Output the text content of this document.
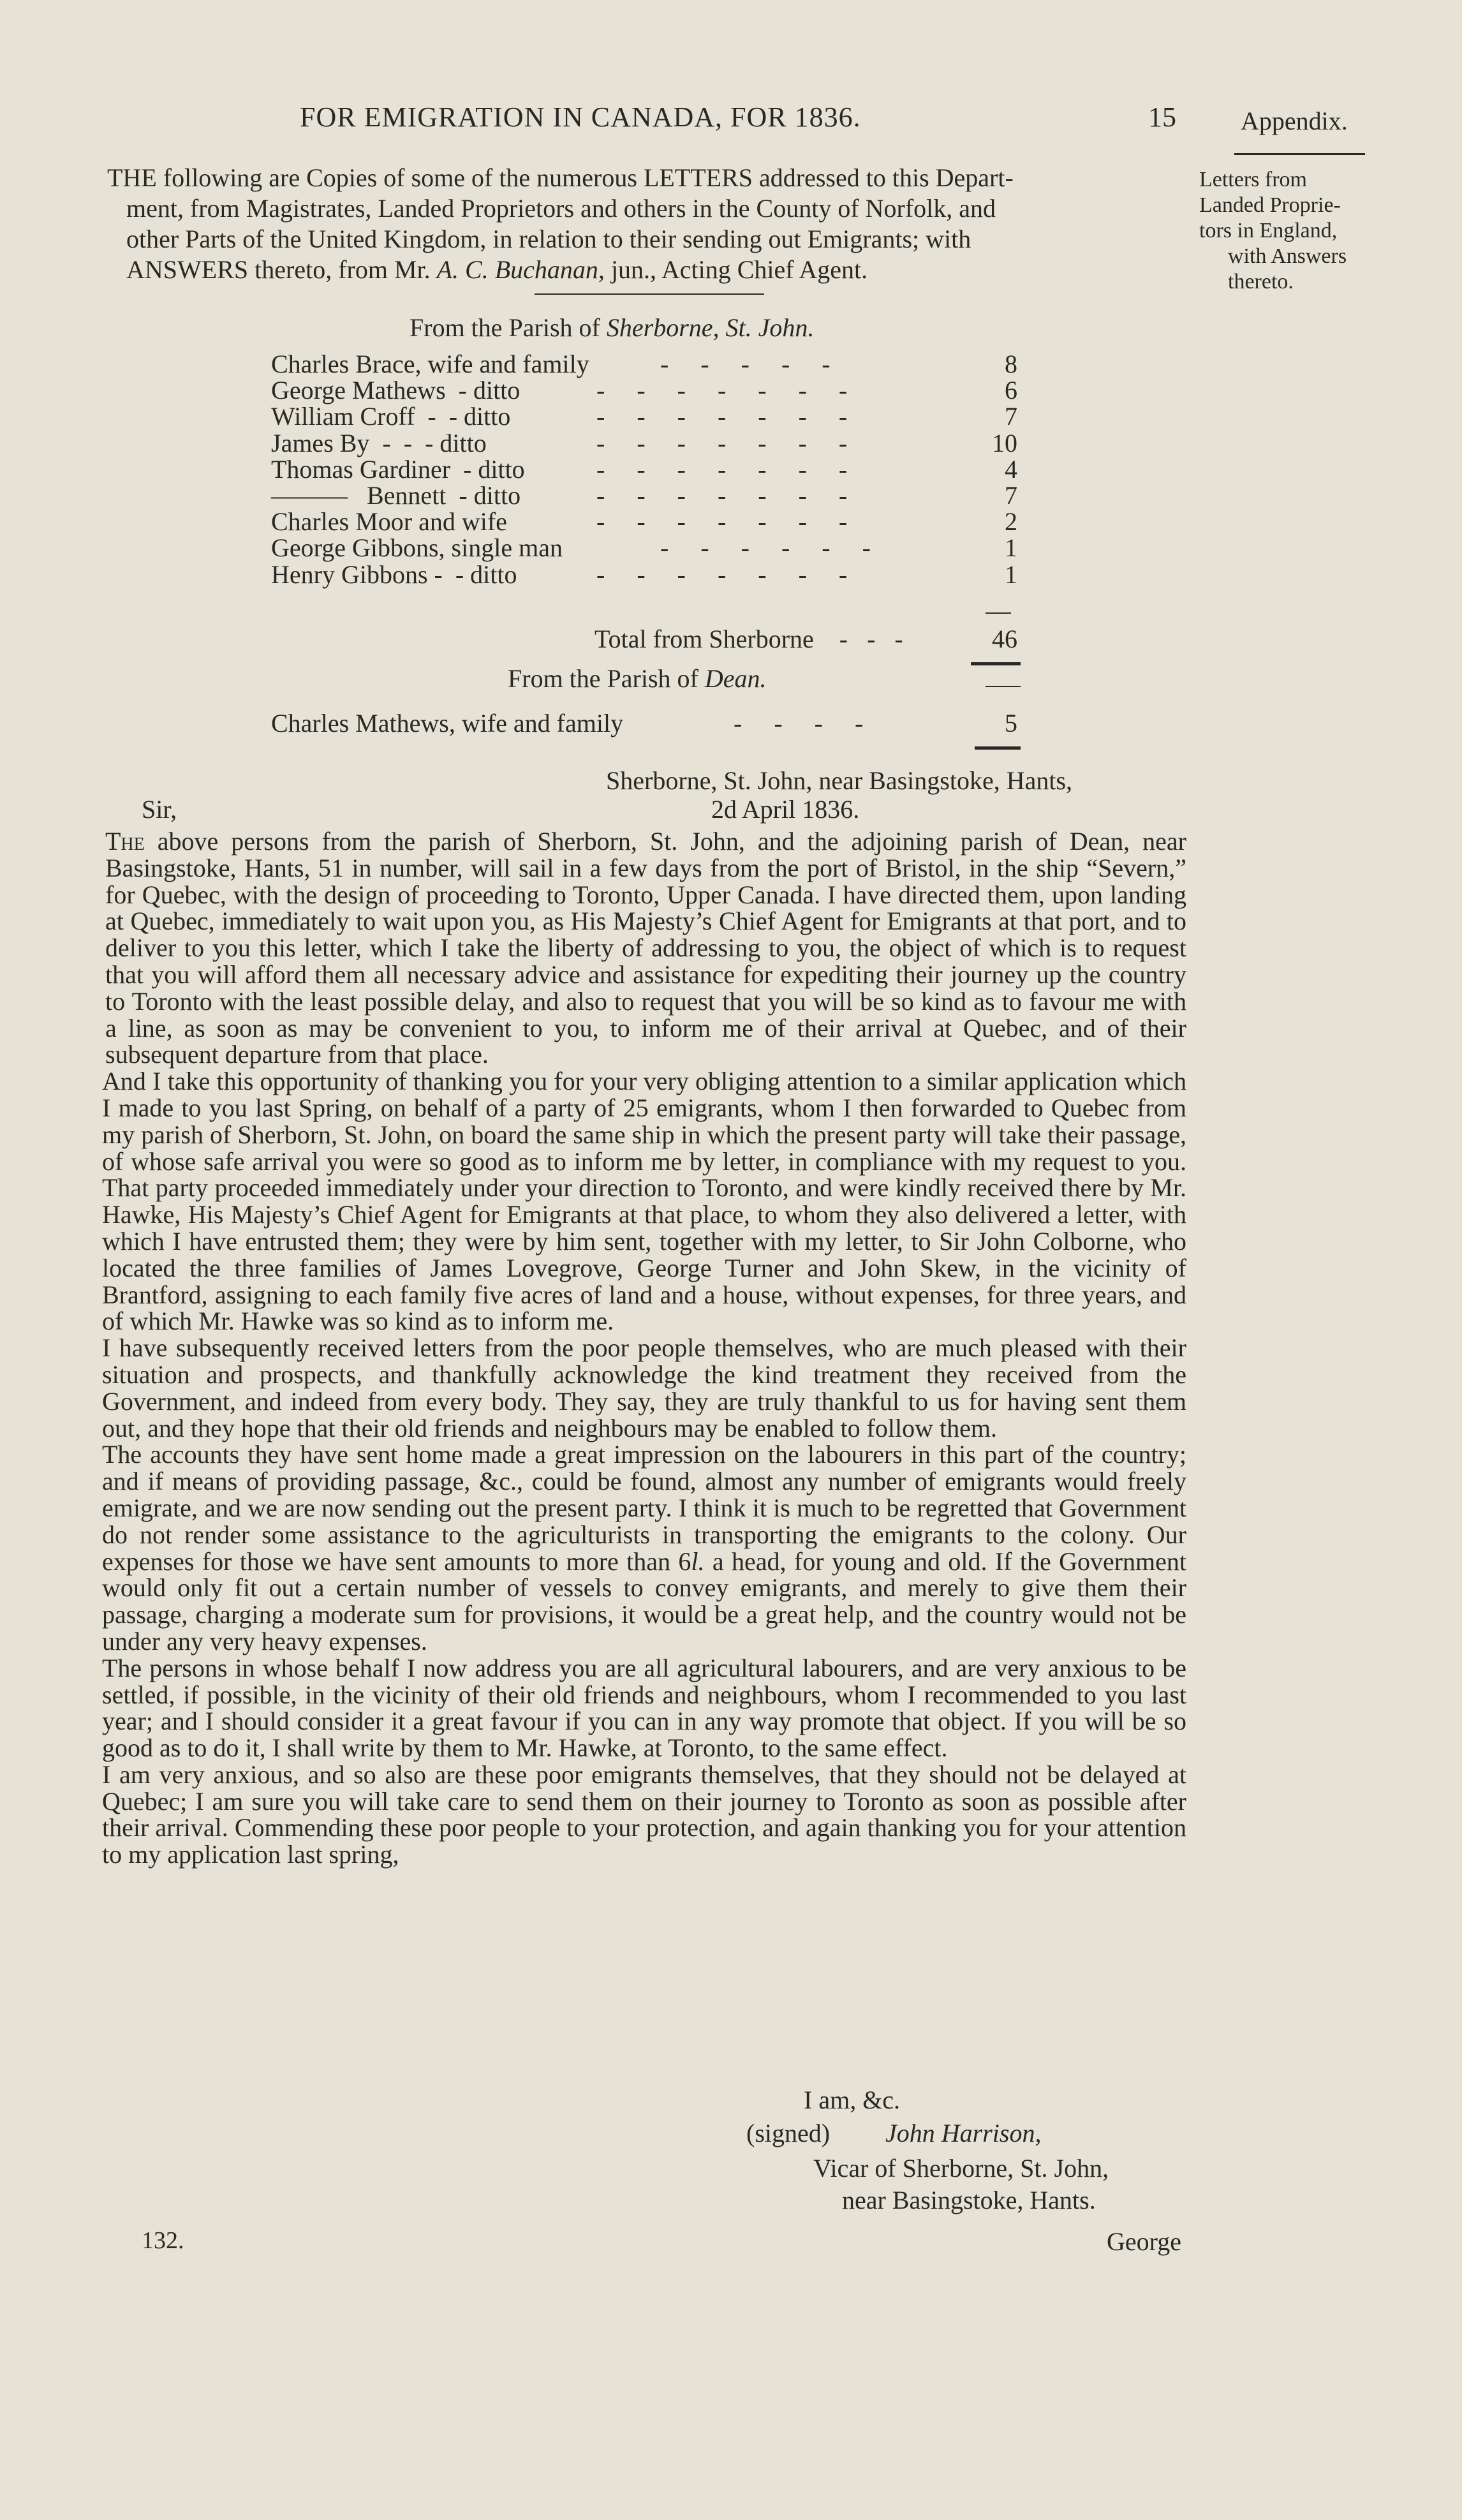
FOR EMIGRATION IN CANADA, FOR 1836.	15	Appendix.

Letters from

Landed Proprie-

tors in England,

with Answers

thereto.

THE following are Copies of some of the numerous LETTERS addressed to this Depart-
ment, from Magistrates, Landed Proprietors and others in the County of Norfolk, and
other Parts of the United Kingdom, in relation to their sending out Emigrants; with
ANSWERS thereto, from Mr. A. C. Buchanan, jun., Acting Chief Agent.
From the Parish of Sherborne, St. John.
Charles Brace, wife and family	-     -     -     -     -	8
George Mathews  - ditto	-     -     -     -     -     -     -	6
William Croff  -  - ditto	-     -     -     -     -     -     -	7
James By  -  -  - ditto	-     -     -     -     -     -     -	10
Thomas Gardiner  - ditto	-     -     -     -     -     -     -	4
———   Bennett  - ditto	-     -     -     -     -     -     -	7
Charles Moor and wife	-     -     -     -     -     -     -	2
George Gibbons, single man	-     -     -     -     -     -	1
Henry Gibbons -  - ditto	-     -     -     -     -     -     -	1
Total from Sherborne -   -   -	46
From the Parish of Dean.
Charles Mathews, wife and family	-     -     -     -	5
Sherborne, St. John, near Basingstoke, Hants,
2d April 1836.
Sir,

The above persons from the parish of Sherborn, St. John, and the adjoining parish of Dean, near Basingstoke, Hants, 51 in number, will sail in a few days from the port of Bristol, in the ship “Severn,” for Quebec, with the design of proceeding to Toronto, Upper Canada. I have directed them, upon landing at Quebec, immediately to wait upon you, as His Majesty’s Chief Agent for Emigrants at that port, and to deliver to you this letter, which I take the liberty of addressing to you, the object of which is to request that you will afford them all necessary advice and assistance for expediting their journey up the country to Toronto with the least possible delay, and also to request that you will be so kind as to favour me with a line, as soon as may be convenient to you, to inform me of their arrival at Quebec, and of their subsequent departure from that place.

And I take this opportunity of thanking you for your very obliging attention to a similar application which I made to you last Spring, on behalf of a party of 25 emigrants, whom I then forwarded to Quebec from my parish of Sherborn, St. John, on board the same ship in which the present party will take their passage, of whose safe arrival you were so good as to inform me by letter, in compliance with my request to you. That party proceeded immediately under your direction to Toronto, and were kindly received there by Mr. Hawke, His Majesty’s Chief Agent for Emigrants at that place, to whom they also delivered a letter, with which I have entrusted them; they were by him sent, together with my letter, to Sir John Colborne, who located the three families of James Lovegrove, George Turner and John Skew, in the vicinity of Brantford, assigning to each family five acres of land and a house, without expenses, for three years, and of which Mr. Hawke was so kind as to inform me.

I have subsequently received letters from the poor people themselves, who are much pleased with their situation and prospects, and thankfully acknowledge the kind treatment they received from the Government, and indeed from every body. They say, they are truly thankful to us for having sent them out, and they hope that their old friends and neighbours may be enabled to follow them.

The accounts they have sent home made a great impression on the labourers in this part of the country; and if means of providing passage, &c., could be found, almost any number of emigrants would freely emigrate, and we are now sending out the present party. I think it is much to be regretted that Government do not render some assistance to the agriculturists in transporting the emigrants to the colony. Our expenses for those we have sent amounts to more than 6l. a head, for young and old. If the Government would only fit out a certain number of vessels to convey emigrants, and merely to give them their passage, charging a moderate sum for provisions, it would be a great help, and the country would not be under any very heavy expenses.

The persons in whose behalf I now address you are all agricultural labourers, and are very anxious to be settled, if possible, in the vicinity of their old friends and neighbours, whom I recommended to you last year; and I should consider it a great favour if you can in any way promote that object. If you will be so good as to do it, I shall write by them to Mr. Hawke, at Toronto, to the same effect.

I am very anxious, and so also are these poor emigrants themselves, that they should not be delayed at Quebec; I am sure you will take care to send them on their journey to Toronto as soon as possible after their arrival. Commending these poor people to your protection, and again thanking you for your attention to my application last spring,

I am, &c.
(signed) John Harrison,
Vicar of Sherborne, St. John,
near Basingstoke, Hants.
132.	George
